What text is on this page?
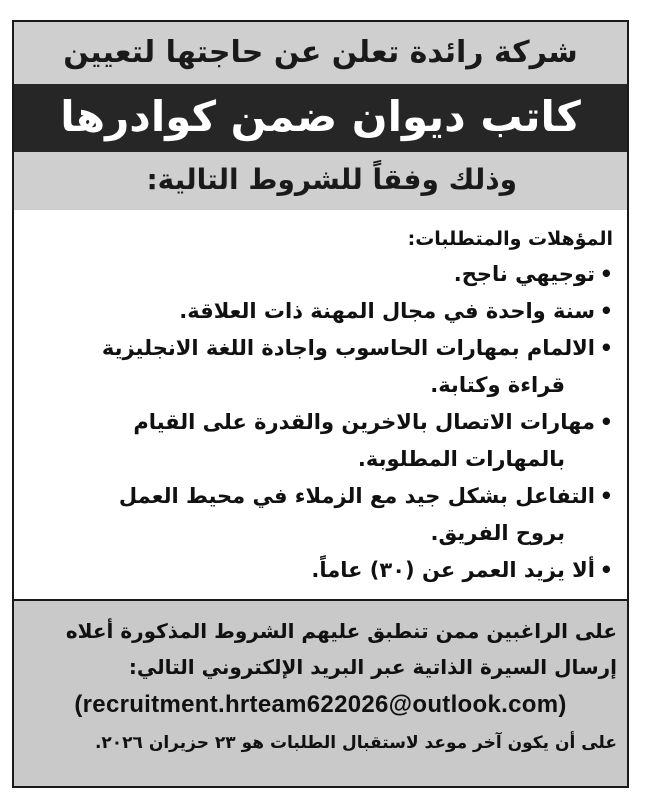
شركة رائدة تعلن عن حاجتها لتعيين
كاتب ديوان ضمن كوادرها
وذلك وفقاً للشروط التالية:
المؤهلات والمتطلبات:
•
توجيهي ناجح.
•
سنة واحدة في مجال المهنة ذات العلاقة.
•
الالمام بمهارات الحاسوب واجادة اللغة الانجليزية
قراءة وكتابة.
•
مهارات الاتصال بالاخرين والقدرة على القيام
بالمهارات المطلوبة.
•
التفاعل بشكل جيد مع الزملاء في محيط العمل
بروح الفريق.
•
ألا يزيد العمر عن (٣٠) عاماً.
على الراغبين ممن تنطبق عليهم الشروط المذكورة أعلاه
إرسال السيرة الذاتية عبر البريد الإلكتروني التالي:
(recruitment.hrteam622026@outlook.com)
على أن يكون آخر موعد لاستقبال الطلبات هو ٢٣ حزيران ٢٠٢٦.
